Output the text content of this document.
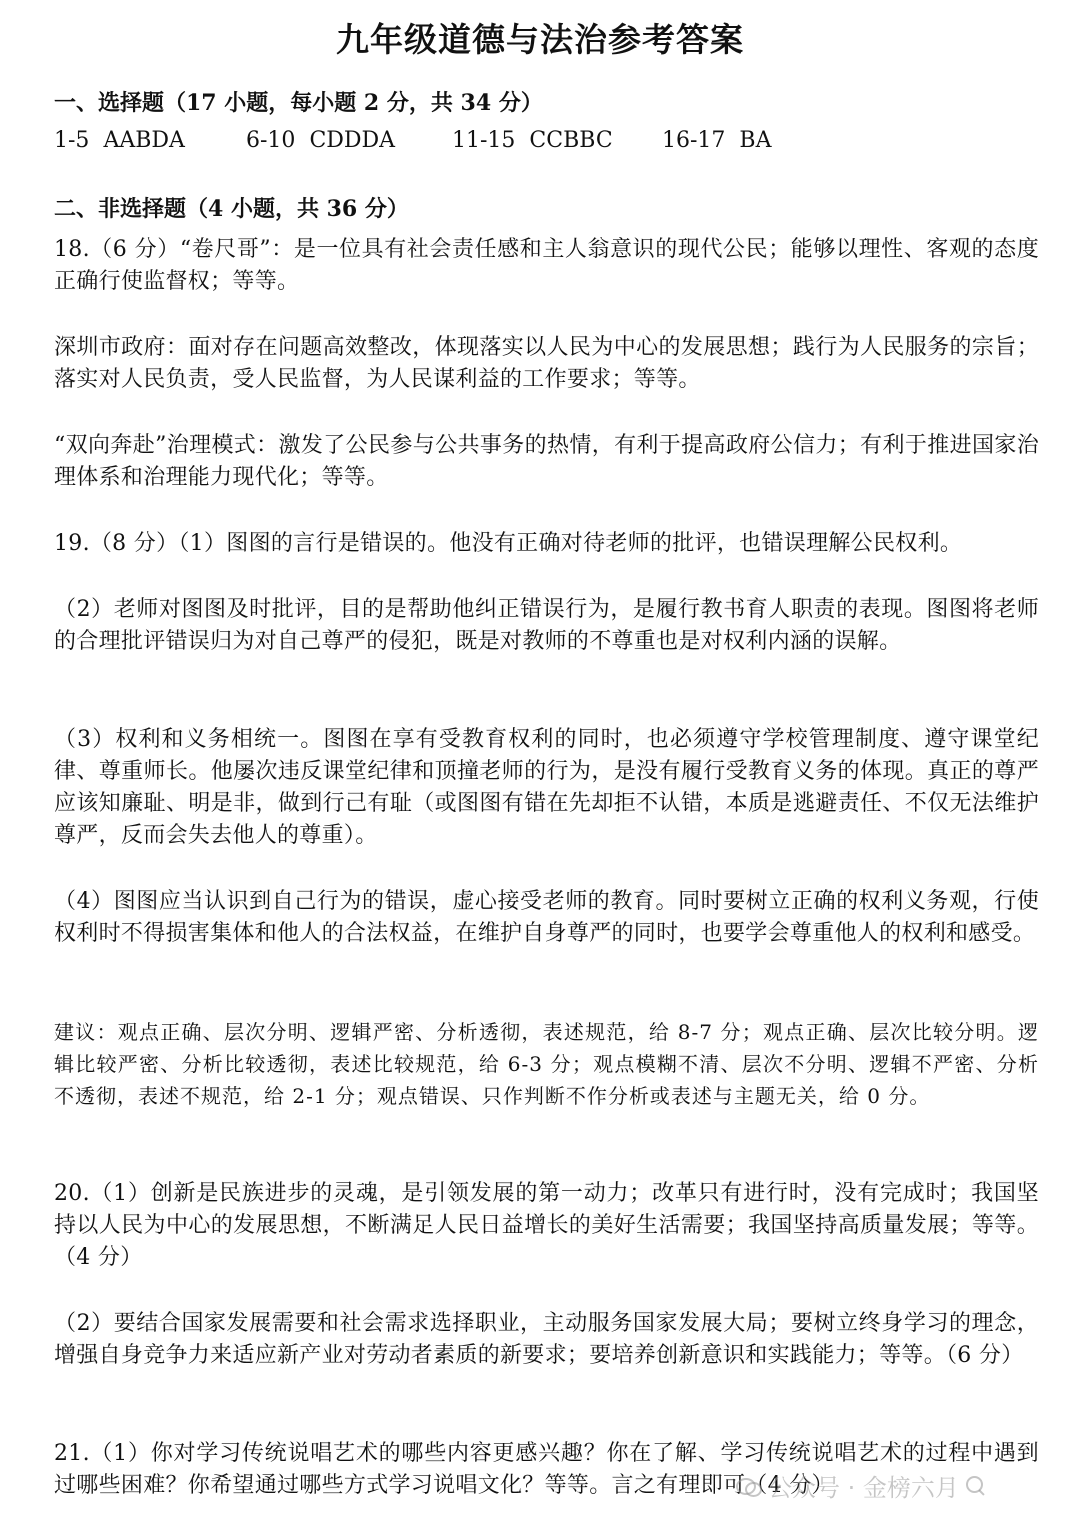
九年级道德与法治参考答案
一、选择题（17 小题，每小题 2 分，共 34 分）
1-5 AABDA	6-10 CDDDA	11-15 CCBBC 16-17 BA
二、非选择题（4 小题，共 36 分）
18.（6 分）“卷尺哥”：是一位具有社会责任感和主人翁意识的现代公民；能够以理性、客观的态度正确行使监督权；等等。
深圳市政府：面对存在问题高效整改，体现落实以人民为中心的发展思想；践行为人民服务的宗旨；落实对人民负责，受人民监督，为人民谋利益的工作要求；等等。
“双向奔赴”治理模式：激发了公民参与公共事务的热情，有利于提高政府公信力；有利于推进国家治理体系和治理能力现代化；等等。
19.（8 分）（1）图图的言行是错误的。他没有正确对待老师的批评，也错误理解公民权利。
（2）老师对图图及时批评，目的是帮助他纠正错误行为，是履行教书育人职责的表现。图图将老师的合理批评错误归为对自己尊严的侵犯，既是对教师的不尊重也是对权利内涵的误解。
（3）权利和义务相统一。图图在享有受教育权利的同时，也必须遵守学校管理制度、遵守课堂纪律、尊重师长。他屡次违反课堂纪律和顶撞老师的行为，是没有履行受教育义务的体现。真正的尊严应该知廉耻、明是非，做到行己有耻（或图图有错在先却拒不认错，本质是逃避责任、不仅无法维护尊严，反而会失去他人的尊重）。
（4）图图应当认识到自己行为的错误，虚心接受老师的教育。同时要树立正确的权利义务观，行使权利时不得损害集体和他人的合法权益，在维护自身尊严的同时，也要学会尊重他人的权利和感受。
建议：观点正确、层次分明、逻辑严密、分析透彻，表述规范，给 8-7 分；观点正确、层次比较分明。逻辑比较严密、分析比较透彻，表述比较规范，给 6-3 分；观点模糊不清、层次不分明、逻辑不严密、分析不透彻，表述不规范，给 2-1 分；观点错误、只作判断不作分析或表述与主题无关，给 0 分。
20.（1）创新是民族进步的灵魂，是引领发展的第一动力；改革只有进行时，没有完成时；我国坚持以人民为中心的发展思想，不断满足人民日益增长的美好生活需要；我国坚持高质量发展；等等。（4 分）
（2）要结合国家发展需要和社会需求选择职业，主动服务国家发展大局；要树立终身学习的理念，增强自身竞争力来适应新产业对劳动者素质的新要求；要培养创新意识和实践能力；等等。（6 分）
21.（1）你对学习传统说唱艺术的哪些内容更感兴趣？你在了解、学习传统说唱艺术的过程中遇到过哪些困难？你希望通过哪些方式学习说唱文化？等等。言之有理即可（4 分）
公众号 · 金榜六月
